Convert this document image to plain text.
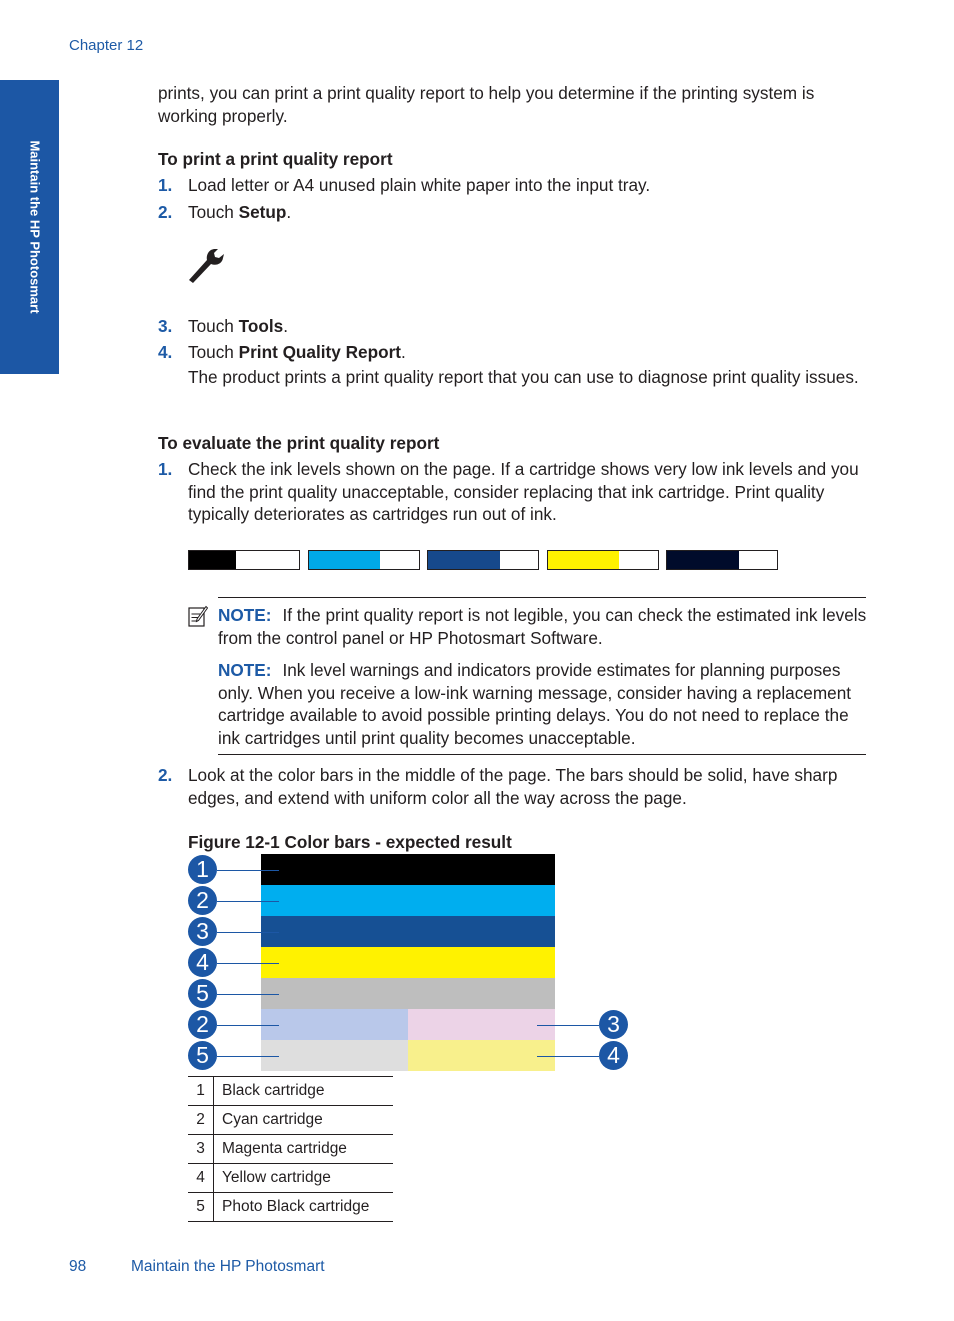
Chapter 12
Maintain the HP Photosmart
prints, you can print a print quality report to help you determine if the printing system is working properly.
To print a print quality report
1. Load letter or A4 unused plain white paper into the input tray.
2. Touch Setup.
3. Touch Tools.
4. Touch Print Quality Report.
The product prints a print quality report that you can use to diagnose print quality issues.
To evaluate the print quality report
1. Check the ink levels shown on the page. If a cartridge shows very low ink levels and you find the print quality unacceptable, consider replacing that ink cartridge. Print quality typically deteriorates as cartridges run out of ink.
NOTE: If the print quality report is not legible, you can check the estimated ink levels from the control panel or HP Photosmart Software.
NOTE: Ink level warnings and indicators provide estimates for planning purposes only. When you receive a low-ink warning message, consider having a replacement cartridge available to avoid possible printing delays. You do not need to replace the ink cartridges until print quality becomes unacceptable.
2. Look at the color bars in the middle of the page. The bars should be solid, have sharp edges, and extend with uniform color all the way across the page.
Figure 12-1 Color bars - expected result
1
2
3
4
5
2	3
5	4
1	Black cartridge
2	Cyan cartridge
3	Magenta cartridge
4	Yellow cartridge
5	Photo Black cartridge
98	Maintain the HP Photosmart
